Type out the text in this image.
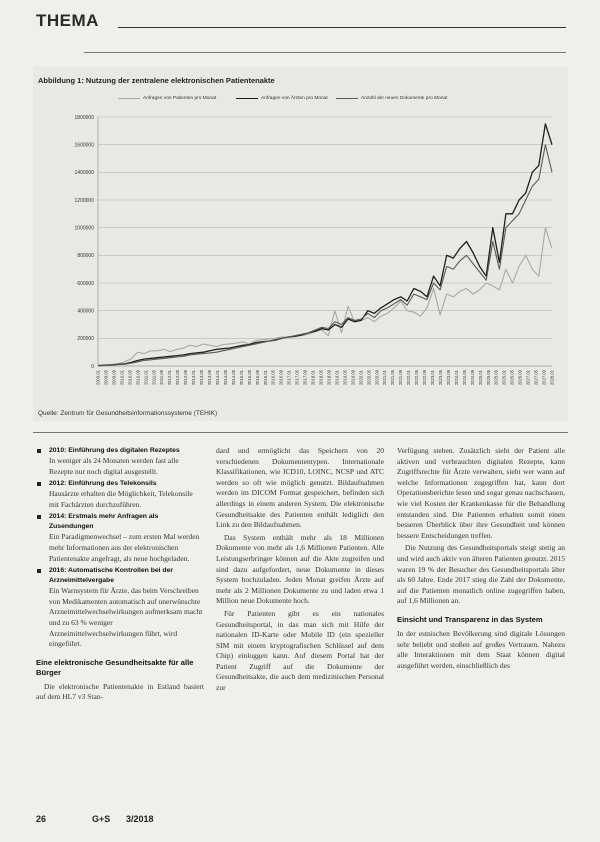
THEMA
Abbildung 1: Nutzung der zentralene elektronischen Patientenakte
Anfragen von Patienten pro Monat	Anfragen von Ärzten pro Monat	Anzahl der neuen Dokumente pro Monat
0
200000
400000
600000
800000
1000000
1200000
1400000
1600000
1800000
2009.01 2009.05 2009.09 2010.01 2010.05 2010.09 2011.01 2011.05 2011.09 2012.01 2012.05 2012.09 2013.01 2013.05 2013.09 2014.01 2014.05 2014.09 2015.01 2015.05 2015.09 2016.01 2016.05 2016.09 2017.01 2017.05 2017.09 2018.01 2018.05 2018.09 2019.01 2019.05 2019.09 2020.01 2020.05 2020.09 2021.01 2021.05 2021.09 2022.01 2022.05 2022.09 2023.01 2023.05 2023.09 2024.01 2024.05 2024.09 2025.01 2025.05 2025.09 2026.01 2026.05 2026.09 2027.01 2027.05 2027.09 2028.01
Quelle: Zentrum für Gesundheitsinformationssysteme (TEHIK)
2010: Einführung des digitalen Rezeptes
In weniger als 24 Monaten werden fast alle Rezepte nur noch digital ausgestellt.
2012: Einführung des Telekonsils
Hausärzte erhalten die Möglichkeit, Telekonsile mit Fachärzten durchzuführen.
2014: Erstmals mehr Anfragen als Zusendungen
Ein Paradigmenwechsel – zum ersten Mal werden mehr Informationen aus der elektronischen Patientenakte angefragt, als neue hochgeladen.
2016: Automatische Kontrollen bei der Arzneimittelvergabe
Ein Warnsystem für Ärzte, das beim Verschreiben von Medikamenten automatisch auf unerwünschte Arzneimittelwechselwirkungen aufmerksam macht und zu 63 % weniger Arzneimittelwechselwirkungen führt, wird eingeführt.
Eine elektronische Gesundheitsakte für alle Bürger

Die elektronische Patientenakte in Estland basiert auf dem HL7 v3 Stan-

dard und ermöglicht das Speichern von 20 verschiedenen Dokumententypen. Internationale Klassifikationen, wie ICD10, LOINC, NCSP und ATC werden so oft wie möglich genutzt. Bildaufnahmen werden im DICOM Format gespeichert, befinden sich allerdings in einem anderen System. Die elektronische Gesundheitsakte des Patienten enthält lediglich den Link zu den Bildaufnahmen.

Das System enthält mehr als 18 Millionen Dokumente von mehr als 1,6 Millionen Patienten. Alle Leistungserbringer können auf die Akte zugreifen und sind dazu aufgefordert, neue Dokumente in dieses System hochzuladen. Jeden Monat greifen Ärzte auf mehr als 2 Millionen Dokumente zu und laden etwa 1 Million neue Dokumente hoch.

Für Patienten gibt es ein nationales Gesundheitsportal, in das man sich mit Hilfe der nationalen ID-Karte oder Mobile ID (ein spezieller SIM mit einem kryptografischen Schlüssel auf dem Chip) einloggen kann. Auf diesem Portal hat der Patient Zugriff auf die Dokumente der Gesundheitsakte, die auch dem medizinischen Personal zur

Verfügung stehen. Zusätzlich sieht der Patient alle aktiven und verbrauchten digitalen Rezepte, kann Zugriffsrechte für Ärzte verwalten, sieht wer wann auf welche Informationen zugegriffen hat, kann dort Operationsberichte lesen und sogar genau nachschauen, wie viel Kosten der Krankenkasse für die Behandlung entstanden sind. Die Patienten erhalten somit einen besseren Überblick über ihre Gesundheit und können bessere Entscheidungen treffen.

Die Nutzung des Gesundheitsportals steigt stetig an und wird auch aktiv von älteren Patienten genutzt. 2015 waren 19 % der Besucher des Gesundheitsportals älter als 60 Jahre. Ende 2017 stieg die Zahl der Dokumente, auf die Patienten monatlich online zugegriffen haben, auf 1,6 Millionen an.

Einsicht und Transparenz in das System

In der estnischen Bevölkerung sind digitale Lösungen sehr beliebt und stoßen auf großes Vertrauen. Nahezu alle Interaktionen mit dem Staat können digital ausgeführt werden, einschließlich des

26	G+S 3/2018
